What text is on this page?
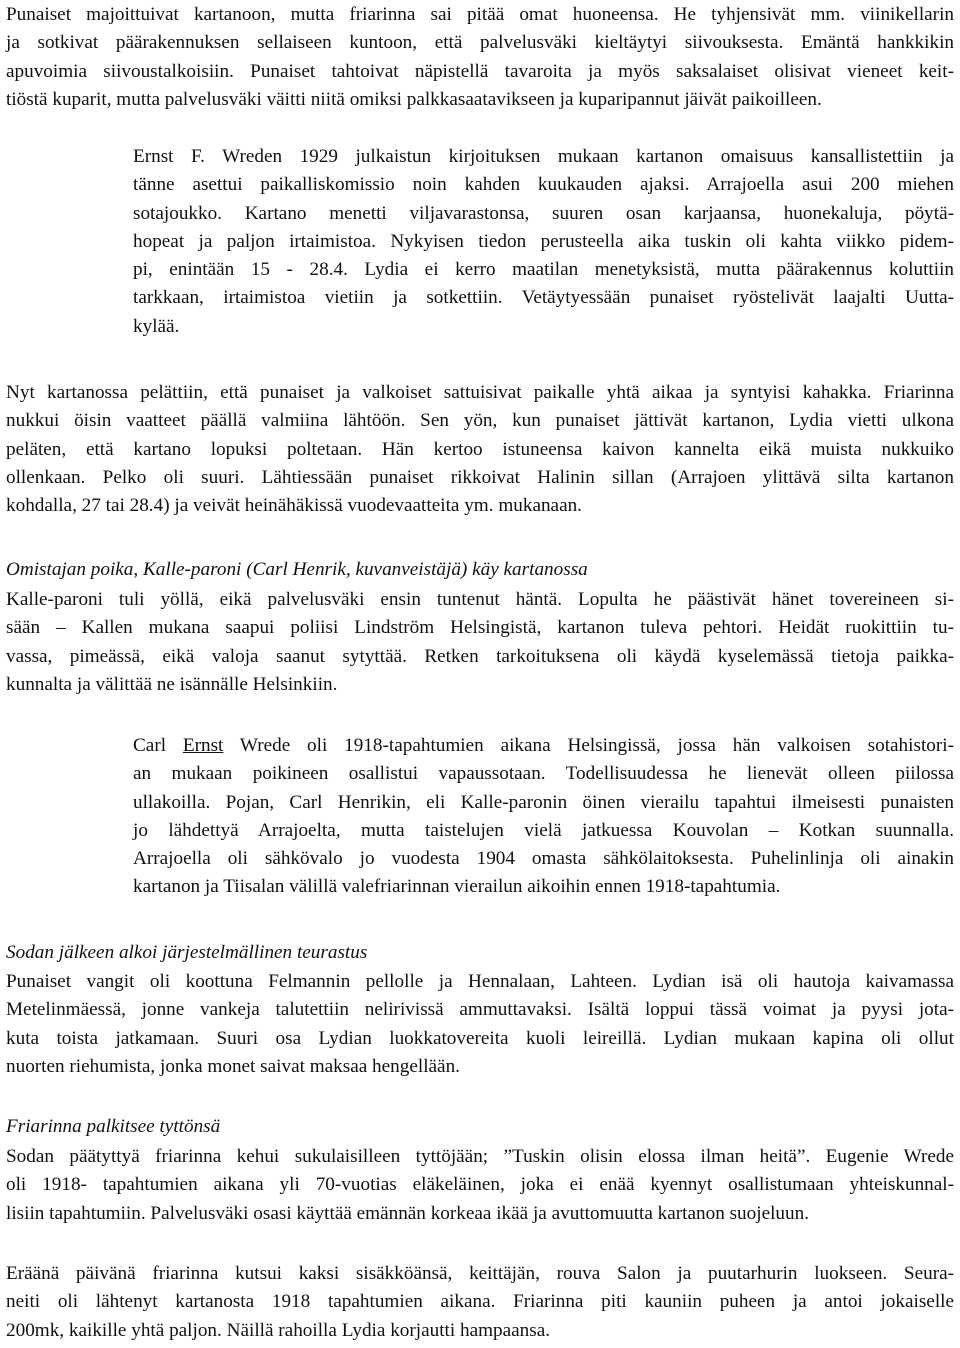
Punaiset majoittuivat kartanoon, mutta friarinna sai pitää omat huoneensa. He tyhjensivät mm. viinikellarin
ja sotkivat päärakennuksen sellaiseen kuntoon, että palvelusväki kieltäytyi siivouksesta. Emäntä hankkikin
apuvoimia siivoustalkoisiin. Punaiset tahtoivat näpistellä tavaroita ja myös saksalaiset olisivat vieneet keit-
tiöstä kuparit, mutta palvelusväki väitti niitä omiksi palkkasaatavikseen ja kuparipannut jäivät paikoilleen.

Ernst F. Wreden 1929 julkaistun kirjoituksen mukaan kartanon omaisuus kansallistettiin ja
tänne asettui paikalliskomissio noin kahden kuukauden ajaksi. Arrajoella asui 200 miehen
sotajoukko. Kartano menetti viljavarastonsa, suuren osan karjaansa, huonekaluja, pöytä-
hopeat ja paljon irtaimistoa. Nykyisen tiedon perusteella aika tuskin oli kahta viikko pidem-
pi, enintään 15 - 28.4. Lydia ei kerro maatilan menetyksistä, mutta päärakennus koluttiin
tarkkaan, irtaimistoa vietiin ja sotkettiin. Vetäytyessään punaiset ryöstelivät laajalti Uutta-
kylää.

Nyt kartanossa pelättiin, että punaiset ja valkoiset sattuisivat paikalle yhtä aikaa ja syntyisi kahakka. Friarinna
nukkui öisin vaatteet päällä valmiina lähtöön. Sen yön, kun punaiset jättivät kartanon, Lydia vietti ulkona
peläten, että kartano lopuksi poltetaan. Hän kertoo istuneensa kaivon kannelta eikä muista nukkuiko
ollenkaan. Pelko oli suuri. Lähtiessään punaiset rikkoivat Halinin sillan (Arrajoen ylittävä silta kartanon
kohdalla, 27 tai 28.4) ja veivät heinähäkissä vuodevaatteita ym. mukanaan.

Omistajan poika, Kalle-paroni (Carl Henrik, kuvanveistäjä) käy kartanossa

Kalle-paroni tuli yöllä, eikä palvelusväki ensin tuntenut häntä. Lopulta he päästivät hänet tovereineen si-
sään – Kallen mukana saapui poliisi Lindström Helsingistä, kartanon tuleva pehtori. Heidät ruokittiin tu-
vassa, pimeässä, eikä valoja saanut sytyttää. Retken tarkoituksena oli käydä kyselemässä tietoja paikka-
kunnalta ja välittää ne isännälle Helsinkiin.

Carl Ernst Wrede oli 1918-tapahtumien aikana Helsingissä, jossa hän valkoisen sotahistori-
an mukaan poikineen osallistui vapaussotaan. Todellisuudessa he lienevät olleen piilossa
ullakoilla. Pojan, Carl Henrikin, eli Kalle-paronin öinen vierailu tapahtui ilmeisesti punaisten
jo lähdettyä Arrajoelta, mutta taistelujen vielä jatkuessa Kouvolan – Kotkan suunnalla.
Arrajoella oli sähkövalo jo vuodesta 1904 omasta sähkölaitoksesta. Puhelinlinja oli ainakin
kartanon ja Tiisalan välillä valefriarinnan vierailun aikoihin ennen 1918-tapahtumia.

Sodan jälkeen alkoi järjestelmällinen teurastus

Punaiset vangit oli koottuna Felmannin pellolle ja Hennalaan, Lahteen. Lydian isä oli hautoja kaivamassa
Metelinmäessä, jonne vankeja talutettiin nelirivissä ammuttavaksi. Isältä loppui tässä voimat ja pyysi jota-
kuta toista jatkamaan. Suuri osa Lydian luokkatovereita kuoli leireillä. Lydian mukaan kapina oli ollut
nuorten riehumista, jonka monet saivat maksaa hengellään.

Friarinna palkitsee tyttönsä

Sodan päätyttyä friarinna kehui sukulaisilleen tyttöjään; ”Tuskin olisin elossa ilman heitä”. Eugenie Wrede
oli 1918- tapahtumien aikana yli 70-vuotias eläkeläinen, joka ei enää kyennyt osallistumaan yhteiskunnal-
lisiin tapahtumiin. Palvelusväki osasi käyttää emännän korkeaa ikää ja avuttomuutta kartanon suojeluun.

Eräänä päivänä friarinna kutsui kaksi sisäkköänsä, keittäjän, rouva Salon ja puutarhurin luokseen. Seura-
neiti oli lähtenyt kartanosta 1918 tapahtumien aikana. Friarinna piti kauniin puheen ja antoi jokaiselle
200mk, kaikille yhtä paljon. Näillä rahoilla Lydia korjautti hampaansa.
